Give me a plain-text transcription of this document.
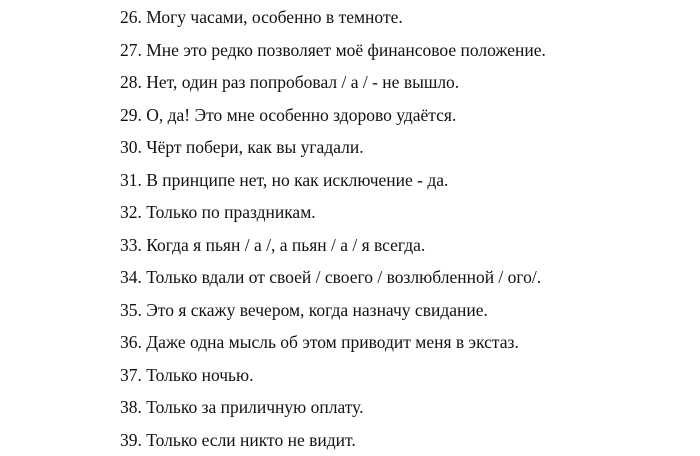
26. Могу часами, особенно в темноте.
27. Мне это редко позволяет моё финансовое положение.
28. Нет, один раз попробовал / а / - не вышло.
29. О, да! Это мне особенно здорово удаётся.
30. Чёрт побери, как вы угадали.
31. В принципе нет, но как исключение - да.
32. Только по праздникам.
33. Когда я пьян / а /, а пьян / а / я всегда.
34. Только вдали от своей / своего / возлюбленной / ого/.
35. Это я скажу вечером, когда назначу свидание.
36. Даже одна мысль об этом приводит меня в экстаз.
37. Только ночью.
38. Только за приличную оплату.
39. Только если никто не видит.
